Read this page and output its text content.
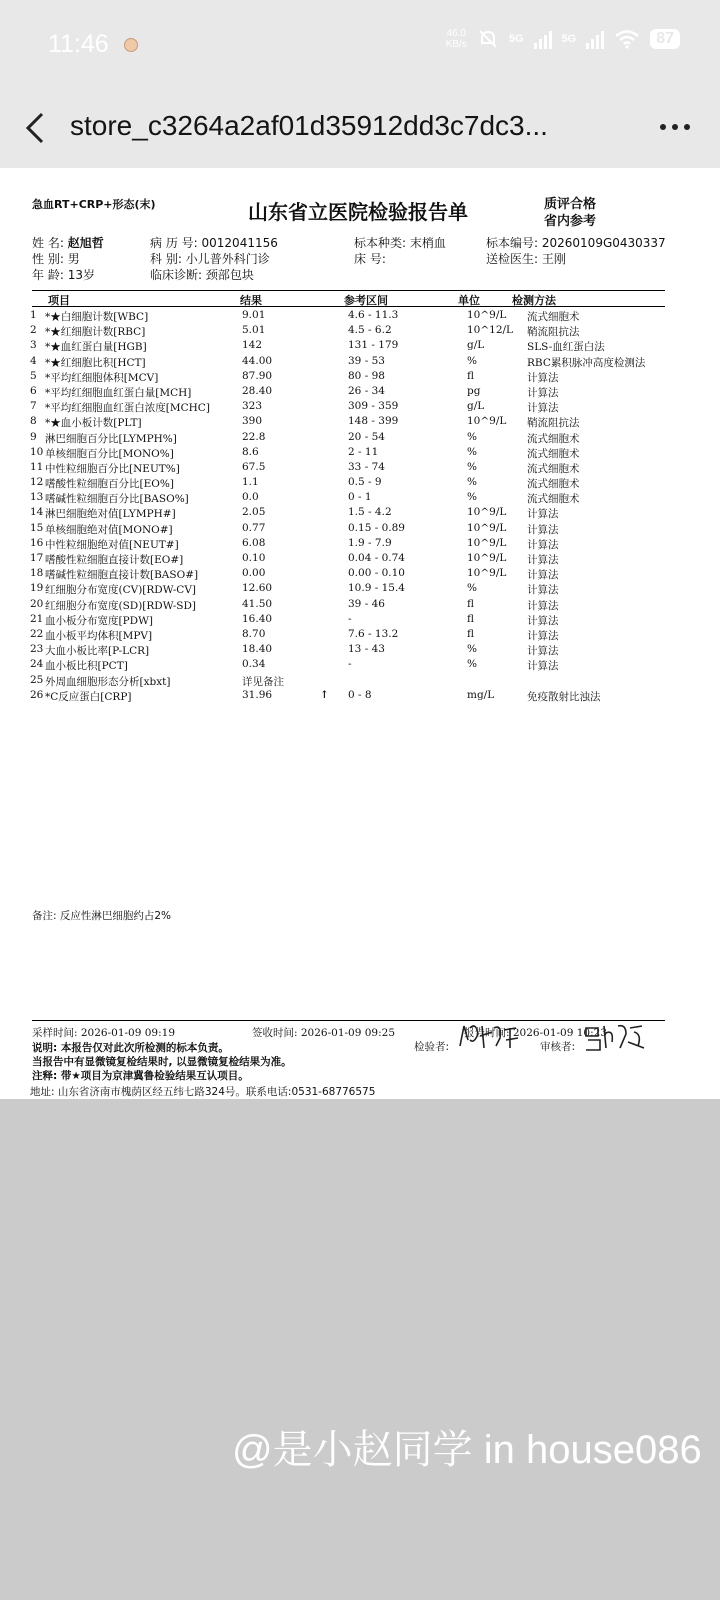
11:46	46.0
KB/s	5G	5G	87
store_c3264a2af01d35912dd3c7dc3...
急血RT+CRP+形态(末)	山东省立医院检验报告单	质评合格
省内参考
姓 名: 赵旭哲
性 别: 男
年 龄: 13岁
病 历 号: 0012041156
科 别: 小儿普外科门诊
临床诊断: 颈部包块
标本种类: 末梢血
床 号:
标本编号: 20260109G0430337
送检医生: 王刚
项目	结果	参考区间	单位	检测方法
1 *★白细胞计数[WBC]	9.01	4.6 - 11.3	10^9/L 流式细胞术
2 *★红细胞计数[RBC]	5.01	4.5 - 6.2	10^12/L 鞘流阻抗法
3 *★血红蛋白量[HGB]	142	131 - 179	g/L	SLS-血红蛋白法
4 *★红细胞比积[HCT]	44.00	39 - 53	%	RBC累积脉冲高度检测法
5 *平均红细胞体积[MCV]	87.90	80 - 98	fl	计算法
6 *平均红细胞血红蛋白量[MCH]	28.40	26 - 34	pg	计算法
7 *平均红细胞血红蛋白浓度[MCHC]	323	309 - 359	g/L	计算法
8 *★血小板计数[PLT]	390	148 - 399	10^9/L 鞘流阻抗法
9 淋巴细胞百分比[LYMPH%]	22.8	20 - 54	%	流式细胞术
10 单核细胞百分比[MONO%]	8.6	2 - 11	%	流式细胞术
11 中性粒细胞百分比[NEUT%]	67.5	33 - 74	%	流式细胞术
12 嗜酸性粒细胞百分比[EO%]	1.1	0.5 - 9	%	流式细胞术
13 嗜碱性粒细胞百分比[BASO%]	0.0	0 - 1	%	流式细胞术
14 淋巴细胞绝对值[LYMPH#]	2.05	1.5 - 4.2	10^9/L 计算法
15 单核细胞绝对值[MONO#]	0.77	0.15 - 0.89	10^9/L 计算法
16 中性粒细胞绝对值[NEUT#]	6.08	1.9 - 7.9	10^9/L 计算法
17 嗜酸性粒细胞直接计数[EO#]	0.10	0.04 - 0.74	10^9/L 计算法
18 嗜碱性粒细胞直接计数[BASO#]	0.00	0.00 - 0.10	10^9/L 计算法
19 红细胞分布宽度(CV)[RDW-CV]	12.60	10.9 - 15.4	%	计算法
20 红细胞分布宽度(SD)[RDW-SD]	41.50	39 - 46	fl	计算法
21 血小板分布宽度[PDW]	16.40	-	fl	计算法
22 血小板平均体积[MPV]	8.70	7.6 - 13.2	fl	计算法
23 大血小板比率[P-LCR]	18.40	13 - 43	%	计算法
24 血小板比积[PCT]	0.34	-	%	计算法
25 外周血细胞形态分析[xbxt]	详见备注
26 *C反应蛋白[CRP]	31.96	↑ 0 - 8	mg/L	免疫散射比浊法
备注: 反应性淋巴细胞约占2%
采样时间: 2026-01-09 09:19	签收时间: 2026-01-09 09:25	报告时间: 2026-01-09 10:23
说明: 本报告仅对此次所检测的标本负责。
当报告中有显微镜复检结果时, 以显微镜复检结果为准。
注释: 带★项目为京津冀鲁检验结果互认项目。
检验者:	审核者:
地址: 山东省济南市槐荫区经五纬七路324号。联系电话:0531-68776575
@是小赵同学 in house086
